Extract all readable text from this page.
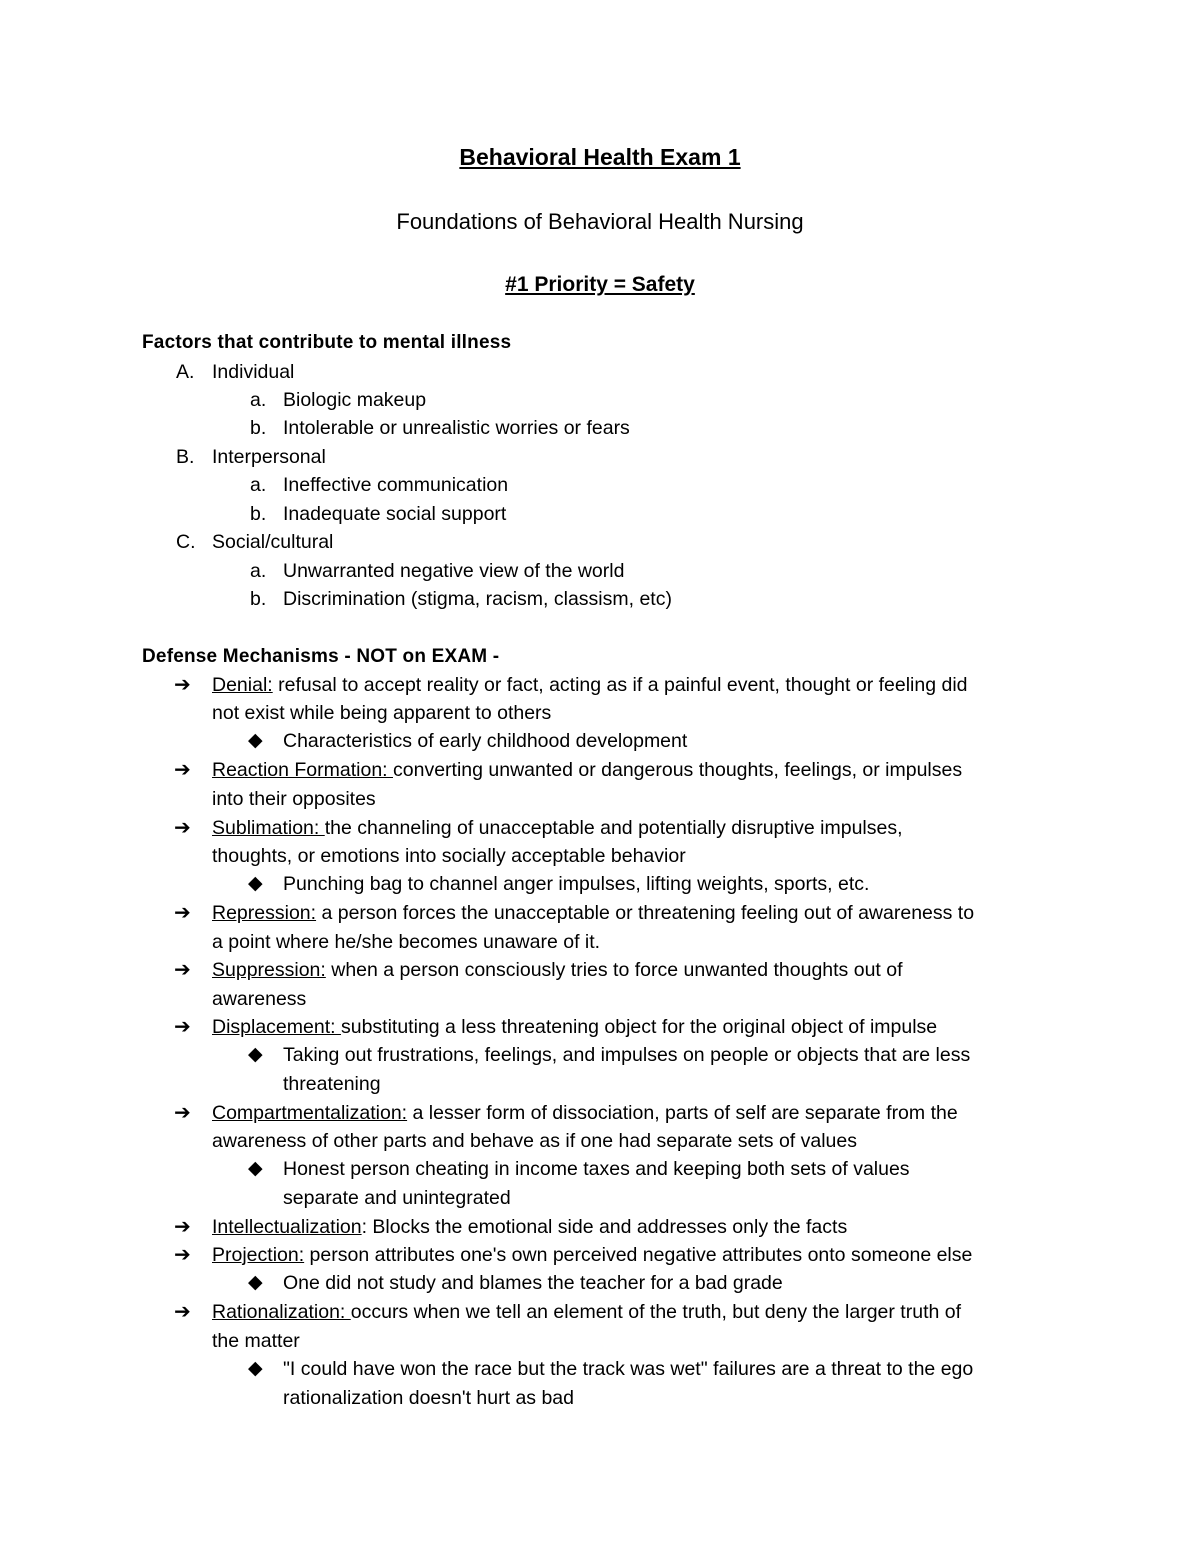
Behavioral Health Exam 1
Foundations of Behavioral Health Nursing
#1 Priority = Safety
Factors that contribute to mental illness
A. Individual
a. Biologic makeup
b. Intolerable or unrealistic worries or fears
B. Interpersonal
a. Ineffective communication
b. Inadequate social support
C. Social/cultural
a. Unwarranted negative view of the world
b. Discrimination (stigma, racism, classism, etc)
Defense Mechanisms - NOT on EXAM -
➔ Denial: refusal to accept reality or fact, acting as if a painful event, thought or feeling did
not exist while being apparent to others
◆ Characteristics of early childhood development
➔ Reaction Formation: converting unwanted or dangerous thoughts, feelings, or impulses
into their opposites
➔ Sublimation: the channeling of unacceptable and potentially disruptive impulses,
thoughts, or emotions into socially acceptable behavior
◆ Punching bag to channel anger impulses, lifting weights, sports, etc.
➔ Repression: a person forces the unacceptable or threatening feeling out of awareness to
a point where he/she becomes unaware of it.
➔ Suppression: when a person consciously tries to force unwanted thoughts out of
awareness
➔ Displacement: substituting a less threatening object for the original object of impulse
◆ Taking out frustrations, feelings, and impulses on people or objects that are less
threatening
➔ Compartmentalization: a lesser form of dissociation, parts of self are separate from the
awareness of other parts and behave as if one had separate sets of values
◆ Honest person cheating in income taxes and keeping both sets of values
separate and unintegrated
➔ Intellectualization: Blocks the emotional side and addresses only the facts
➔ Projection: person attributes one's own perceived negative attributes onto someone else
◆ One did not study and blames the teacher for a bad grade
➔ Rationalization: occurs when we tell an element of the truth, but deny the larger truth of
the matter
◆ "I could have won the race but the track was wet" failures are a threat to the ego
rationalization doesn't hurt as bad
